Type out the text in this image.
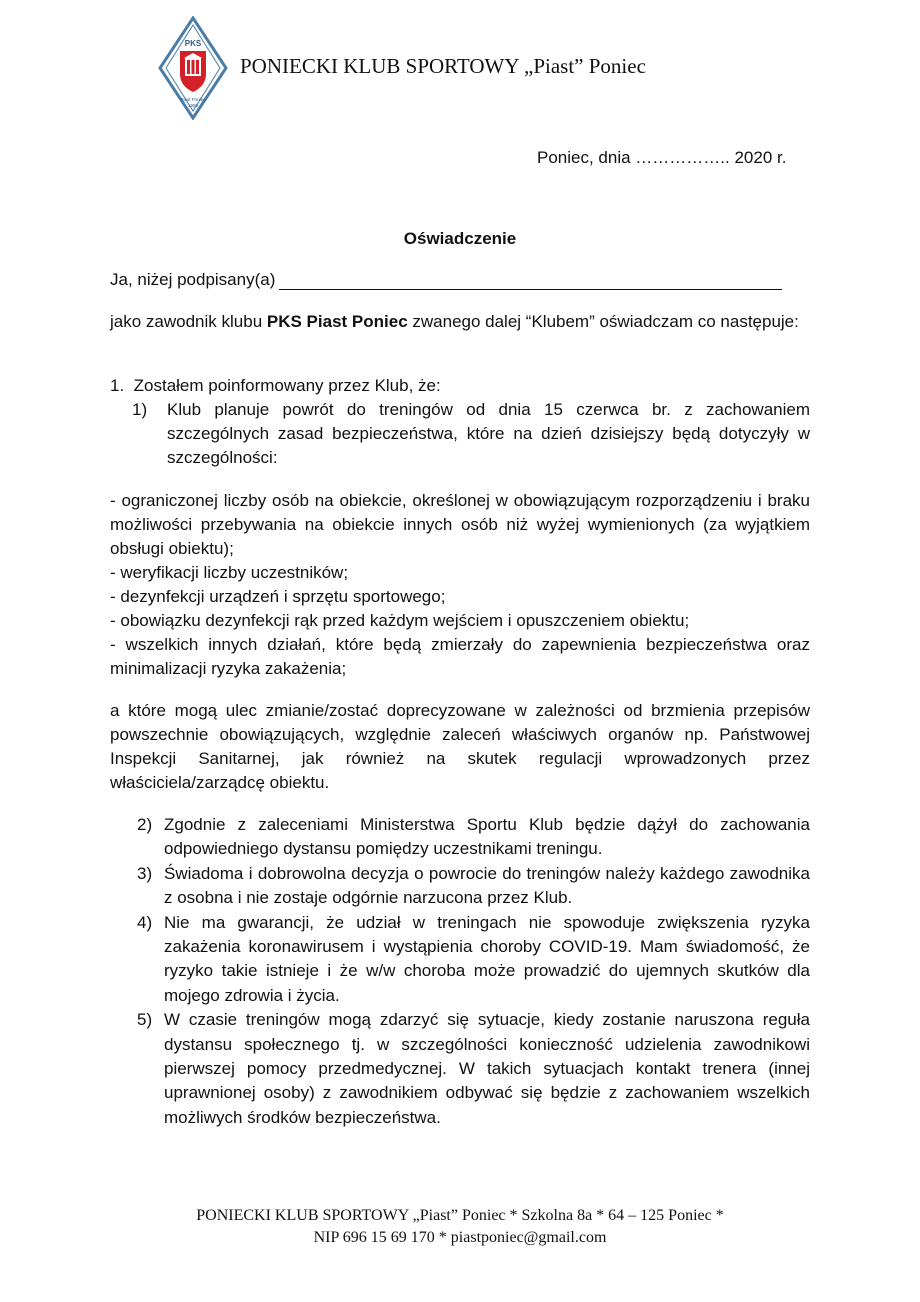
PKS
Piast Poniec
1959
PONIECKI KLUB SPORTOWY „Piast” Poniec
Poniec, dnia …………….. 2020 r.
Oświadczenie
Ja, niżej podpisany(a)

jako zawodnik klubu PKS Piast Poniec zwanego dalej “Klubem” oświadczam co następuje:

1. Zostałem poinformowany przez Klub, że:
1) Klub planuje powrót do treningów od dnia 15 czerwca br. z zachowaniem szczególnych zasad bezpieczeństwa, które na dzień dzisiejszy będą dotyczyły w szczególności:

- ograniczonej liczby osób na obiekcie, określonej w obowiązującym rozporządzeniu i braku możliwości przebywania na obiekcie innych osób niż wyżej wymienionych (za wyjątkiem obsługi obiektu);

- weryfikacji liczby uczestników;

- dezynfekcji urządzeń i sprzętu sportowego;

- obowiązku dezynfekcji rąk przed każdym wejściem i opuszczeniem obiektu;

- wszelkich innych działań, które będą zmierzały do zapewnienia bezpieczeństwa oraz minimalizacji ryzyka zakażenia;

a które mogą ulec zmianie/zostać doprecyzowane w zależności od brzmienia przepisów powszechnie obowiązujących, względnie zaleceń właściwych organów np. Państwowej Inspekcji Sanitarnej, jak również na skutek regulacji wprowadzonych przez właściciela/zarządcę obiektu.

2) Zgodnie z zaleceniami Ministerstwa Sportu Klub będzie dążył do zachowania odpowiedniego dystansu pomiędzy uczestnikami treningu.
3) Świadoma i dobrowolna decyzja o powrocie do treningów należy każdego zawodnika z osobna i nie zostaje odgórnie narzucona przez Klub.
4) Nie ma gwarancji, że udział w treningach nie spowoduje zwiększenia ryzyka zakażenia koronawirusem i wystąpienia choroby COVID-19. Mam świadomość, że ryzyko takie istnieje i że w/w choroba może prowadzić do ujemnych skutków dla mojego zdrowia i życia.
5) W czasie treningów mogą zdarzyć się sytuacje, kiedy zostanie naruszona reguła dystansu społecznego tj. w szczególności konieczność udzielenia zawodnikowi pierwszej pomocy przedmedycznej. W takich sytuacjach kontakt trenera (innej uprawnionej osoby) z zawodnikiem odbywać się będzie z zachowaniem wszelkich możliwych środków bezpieczeństwa.

PONIECKI KLUB SPORTOWY „Piast” Poniec * Szkolna 8a * 64 – 125 Poniec *

NIP 696 15 69 170 * piastponiec@gmail.com
